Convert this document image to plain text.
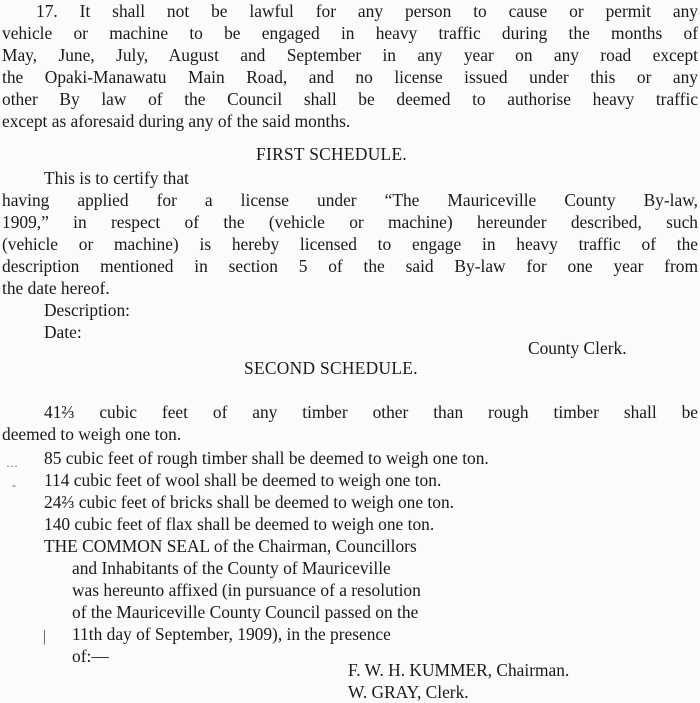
17. It shall not be lawful for any person to cause or permit any
vehicle or machine to be engaged in heavy traffic during the months of
May, June, July, August and September in any year on any road except
the Opaki-Manawatu Main Road, and no license issued under this or any
other By law of the Council shall be deemed to authorise heavy traffic
except as aforesaid during any of the said months.
FIRST SCHEDULE.
This is to certify that
having applied for a license under “The Mauriceville County By-law,
1909,” in respect of the (vehicle or machine) hereunder described, such
(vehicle or machine) is hereby licensed to engage in heavy traffic of the
description mentioned in section 5 of the said By-law for one year from
the date hereof.
Description:
Date:
County Clerk.
SECOND SCHEDULE.
41⅔ cubic feet of any timber other than rough timber shall be
deemed to weigh one ton.
85 cubic feet of rough timber shall be deemed to weigh one ton.
114 cubic feet of wool shall be deemed to weigh one ton.
24⅔ cubic feet of bricks shall be deemed to weigh one ton.
140 cubic feet of flax shall be deemed to weigh one ton.
THE COMMON SEAL of the Chairman, Councillors
and Inhabitants of the County of Mauriceville
was hereunto affixed (in pursuance of a resolution
of the Mauriceville County Council passed on the
11th day of September, 1909), in the presence
of:—
F. W. H. KUMMER, Chairman.
W. GRAY, Clerk.
…
‐
│
